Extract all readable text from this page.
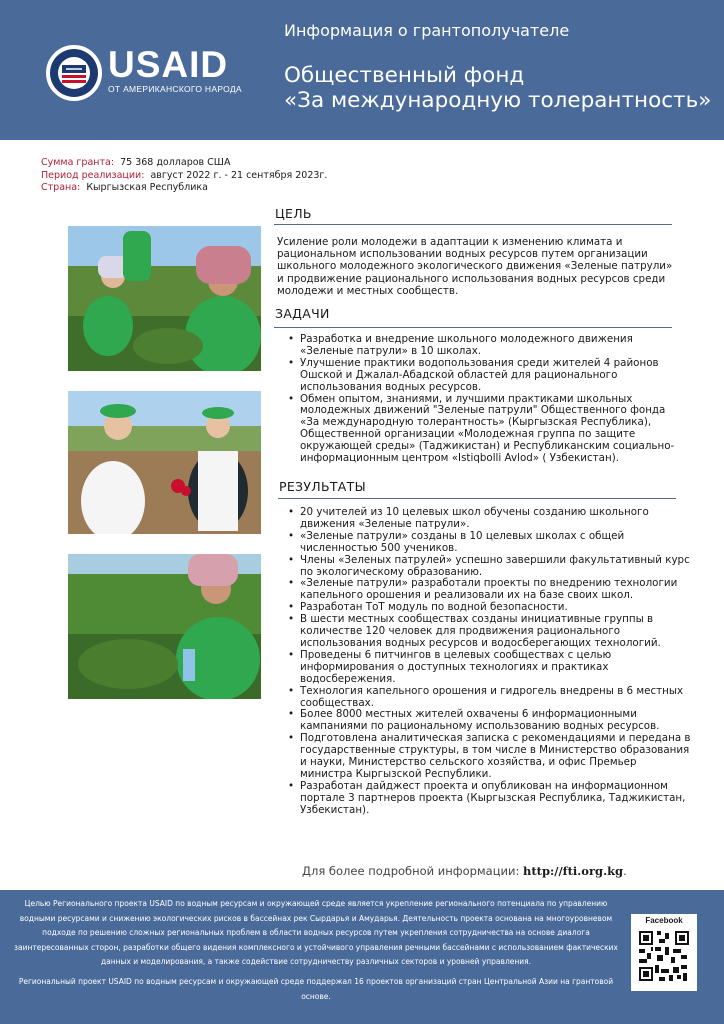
USAID
ОТ АМЕРИКАНСКОГО НАРОДА
Информация о грантополучателе
Общественный фонд
«За международную толерантность»
Сумма гранта: 75 368 долларов США
Период реализации: август 2022 г. - 21 сентября 2023г.
Страна: Кыргызская Республика
ЦЕЛЬ
Усиление роли молодежи в адаптации к изменению климата и рациональном использовании водных ресурсов путем организации школьного молодежного экологического движения «Зеленые патрули» и продвижение рационального использования водных ресурсов среди молодежи и местных сообществ.
ЗАДАЧИ
• Разработка и внедрение школьного молодежного движения «Зеленые патрули» в 10 школах.
• Улучшение практики водопользования среди жителей 4 районов Ошской и Джалал-Абадской областей для рационального использования водных ресурсов.
• Обмен опытом, знаниями, и лучшими практиками школьных молодежных движений "Зеленые патрули" Общественного фонда «За международную толерантность» (Кыргызская Республика), Общественной организации «Молодежная группа по защите окружающей среды» (Таджикистан) и Республиканским социально-информационным центром «Istiqbolli Avlod» ( Узбекистан).
РЕЗУЛЬТАТЫ
• 20 учителей из 10 целевых школ обучены созданию школьного движения «Зеленые патрули».
• «Зеленые патрули» созданы в 10 целевых школах с общей численностью 500 учеников.
• Члены «Зеленых патрулей» успешно завершили факультативный курс по экологическому образованию.
• «Зеленые патрули» разработали проекты по внедрению технологии капельного орошения и реализовали их на базе своих школ.
• Разработан ТоТ модуль по водной безопасности.
• В шести местных сообществах созданы инициативные группы в количестве 120 человек для продвижения рационального использования водных ресурсов и водосберегающих технологий.
• Проведены 6 питчингов в целевых сообществах с целью информирования о доступных технологиях и практиках водосбережения.
• Технология капельного орошения и гидрогель внедрены в 6 местных сообществах.
• Более 8000 местных жителей охвачены 6 информационными кампаниями по рациональному использованию водных ресурсов.
• Подготовлена аналитическая записка с рекомендациями и передана в государственные структуры, в том числе в Министерство образования и науки, Министерство сельского хозяйства, и офис Премьер министра Кыргызской Республики.
• Разработан дайджест проекта и опубликован на информационном портале 3 партнеров проекта (Кыргызская Республика, Таджикистан, Узбекистан).
Для более подробной информации: http://fti.org.kg.
Целью Регионального проекта USAID по водным ресурсам и окружающей среде является укрепление регионального потенциала по управлению водными ресурсами и снижению экологических рисков в бассейнах рек Сырдарья и Амударья. Деятельность проекта основана на многоуровневом подходе по решению сложных региональных проблем в области водных ресурсов путем укрепления сотрудничества на основе диалога заинтересованных сторон, разработки общего видения комплексного и устойчивого управления речными бассейнами с использованием фактических данных и моделирования, а также содействие сотрудничеству различных секторов и уровней управления.
Региональный проект USAID по водным ресурсам и окружающей среде поддержал 16 проектов организаций стран Центральной Азии на грантовой основе.
Facebook
